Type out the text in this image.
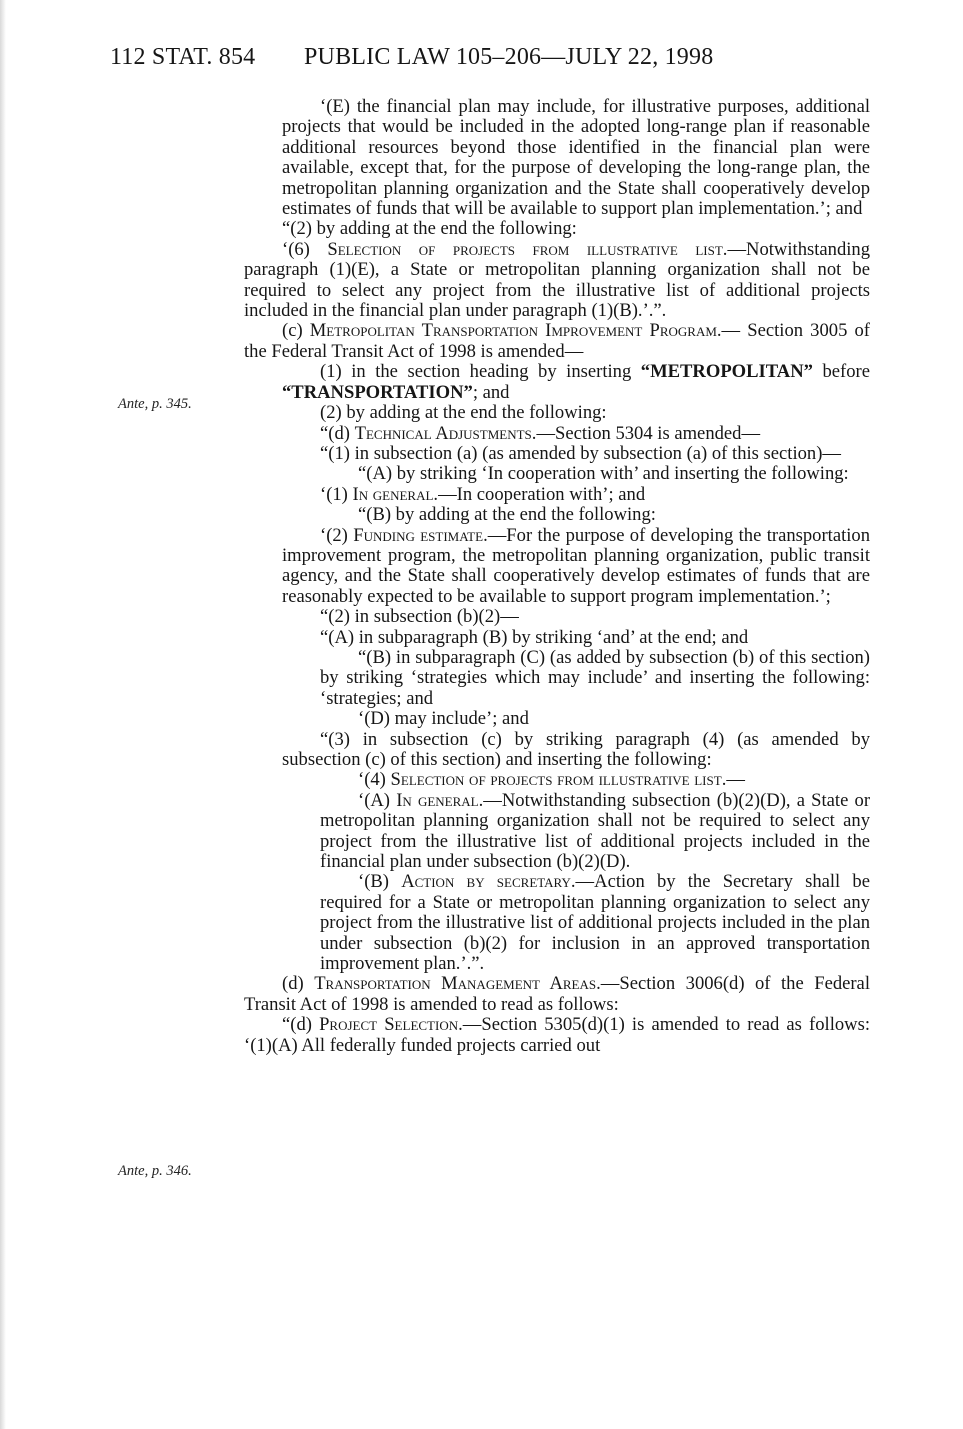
112 STAT. 854 PUBLIC LAW 105–206—JULY 22, 1998
Ante, p. 345.
Ante, p. 346.

‘(E) the financial plan may include, for illustrative purposes, additional projects that would be included in the adopted long-range plan if reasonable additional resources beyond those identified in the financial plan were available, except that, for the purpose of developing the long-range plan, the metropolitan planning organization and the State shall cooperatively develop estimates of funds that will be available to support plan implementation.’; and

“(2) by adding at the end the following:

‘(6) Selection of projects from illustrative list.—Notwithstanding paragraph (1)(E), a State or metropolitan planning organization shall not be required to select any project from the illustrative list of additional projects included in the financial plan under paragraph (1)(B).’.”.

(c) Metropolitan Transportation Improvement Program.— Section 3005 of the Federal Transit Act of 1998 is amended—

(1) in the section heading by inserting “METROPOLITAN” before “TRANSPORTATION”; and

(2) by adding at the end the following:

“(d) Technical Adjustments.—Section 5304 is amended—

“(1) in subsection (a) (as amended by subsection (a) of this section)—

“(A) by striking ‘In cooperation with’ and inserting the following:

‘(1) In general.—In cooperation with’; and

“(B) by adding at the end the following:

‘(2) Funding estimate.—For the purpose of developing the transportation improvement program, the metropolitan planning organization, public transit agency, and the State shall cooperatively develop estimates of funds that are reasonably expected to be available to support program implementation.’;

“(2) in subsection (b)(2)—

“(A) in subparagraph (B) by striking ‘and’ at the end; and

“(B) in subparagraph (C) (as added by subsection (b) of this section) by striking ‘strategies which may include’ and inserting the following: ‘strategies; and

‘(D) may include’; and

“(3) in subsection (c) by striking paragraph (4) (as amended by subsection (c) of this section) and inserting the following:

‘(4) Selection of projects from illustrative list.—

‘(A) In general.—Notwithstanding subsection (b)(2)(D), a State or metropolitan planning organization shall not be required to select any project from the illustrative list of additional projects included in the financial plan under subsection (b)(2)(D).

‘(B) Action by secretary.—Action by the Secretary shall be required for a State or metropolitan planning organization to select any project from the illustrative list of additional projects included in the plan under subsection (b)(2) for inclusion in an approved transportation improvement plan.’.”.

(d) Transportation Management Areas.—Section 3006(d) of the Federal Transit Act of 1998 is amended to read as follows:

“(d) Project Selection.—Section 5305(d)(1) is amended to read as follows: ‘(1)(A) All federally funded projects carried out
